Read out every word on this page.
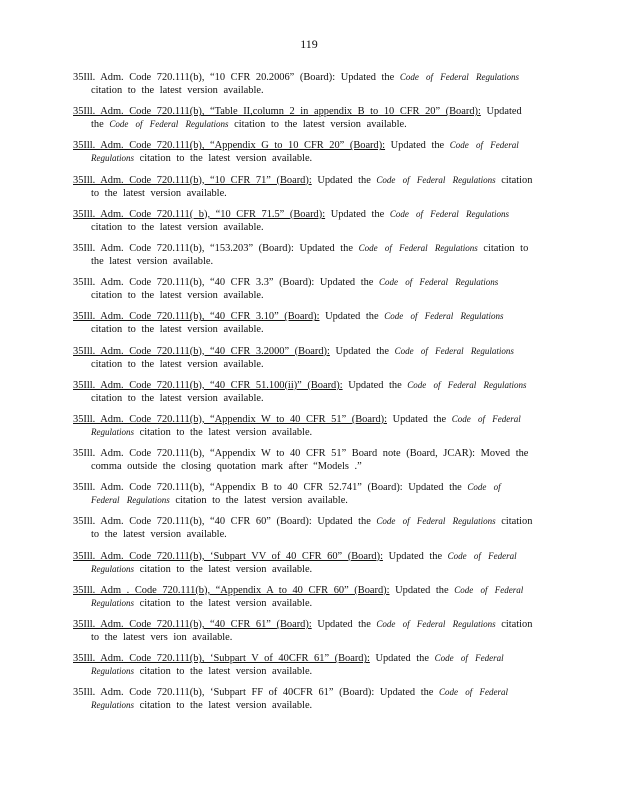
119
35Ill. Adm. Code 720.111(b), “10 CFR 20.2006” (Board): Updated the Code of Federal Regulations citation to the latest version available.
35Ill. Adm. Code 720.111(b), “Table II,column 2 in appendix B to 10 CFR 20” (Board): Updated the Code of Federal Regulations citation to the latest version available.
35Ill. Adm. Code 720.111(b), “Appendix G to 10 CFR 20” (Board): Updated the Code of Federal Regulations citation to the latest version available.
35Ill. Adm. Code 720.111(b), “10 CFR 71” (Board): Updated the Code of Federal Regulations citation to the latest version available.
35Ill. Adm. Code 720.111( b), “10 CFR 71.5” (Board): Updated the Code of Federal Regulations citation to the latest version available.
35Ill. Adm. Code 720.111(b), “153.203” (Board): Updated the Code of Federal Regulations citation to the latest version available.
35Ill. Adm. Code 720.111(b), “40 CFR 3.3” (Board): Updated the Code of Federal Regulations citation to the latest version available.
35Ill. Adm. Code 720.111(b), “40 CFR 3.10” (Board): Updated the Code of Federal Regulations citation to the latest version available.
35Ill. Adm. Code 720.111(b), “40 CFR 3.2000” (Board): Updated the Code of Federal Regulations citation to the latest version available.
35Ill. Adm. Code 720.111(b), “40 CFR 51.100(ii)” (Board): Updated the Code of Federal Regulations citation to the latest version available.
35Ill. Adm. Code 720.111(b), “Appendix W to 40 CFR 51” (Board): Updated the Code of Federal Regulations citation to the latest version available.
35Ill. Adm. Code 720.111(b), “Appendix W to 40 CFR 51” Board note (Board, JCAR): Moved the comma outside the closing quotation mark after “Models .”
35Ill. Adm. Code 720.111(b), “Appendix B to 40 CFR 52.741” (Board): Updated the Code of Federal Regulations citation to the latest version available.
35Ill. Adm. Code 720.111(b), “40 CFR 60” (Board): Updated the Code of Federal Regulations citation to the latest version available.
35Ill. Adm. Code 720.111(b), ‘Subpart VV of 40 CFR 60” (Board): Updated the Code of Federal Regulations citation to the latest version available.
35Ill. Adm . Code 720.111(b), “Appendix A to 40 CFR 60” (Board): Updated the Code of Federal Regulations citation to the latest version available.
35Ill. Adm. Code 720.111(b), “40 CFR 61” (Board): Updated the Code of Federal Regulations citation to the latest vers ion available.
35Ill. Adm. Code 720.111(b), ‘Subpart V of 40CFR 61” (Board): Updated the Code of Federal Regulations citation to the latest version available.
35Ill. Adm. Code 720.111(b), ‘Subpart FF of 40CFR 61” (Board): Updated the Code of Federal Regulations citation to the latest version available.
